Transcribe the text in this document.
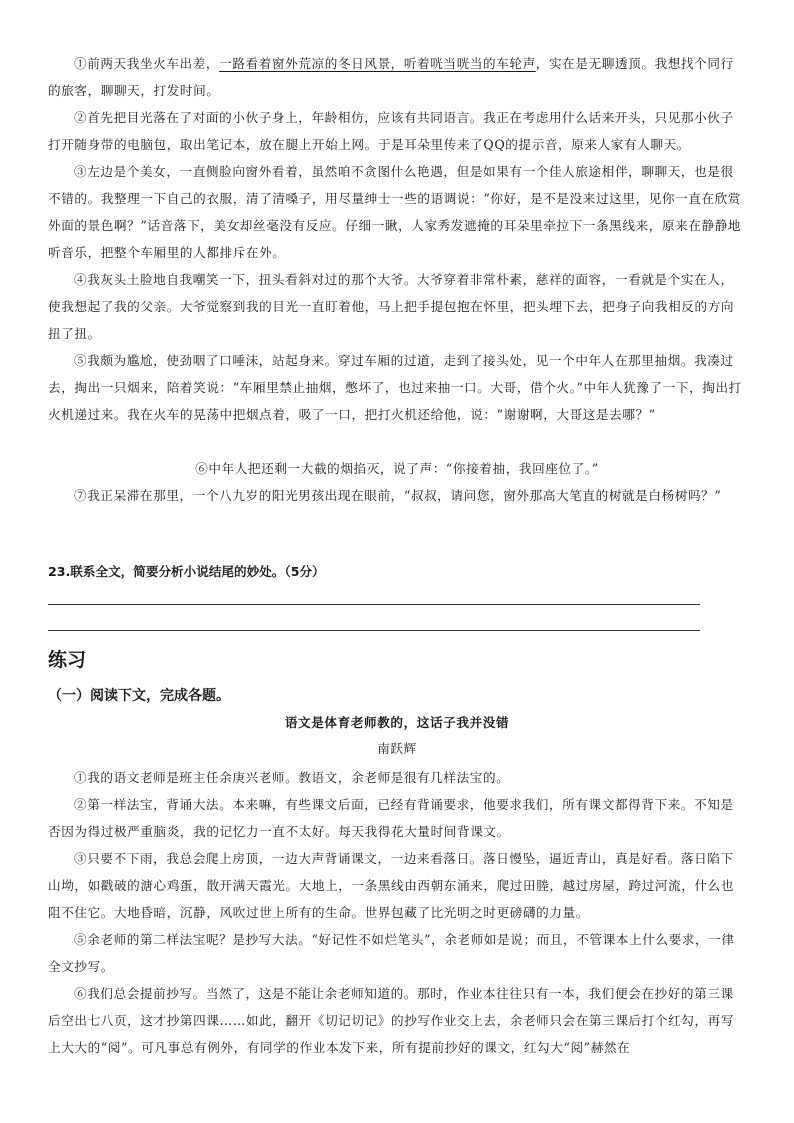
①前两天我坐火车出差，一路看着窗外荒凉的冬日风景，听着咣当咣当的车轮声，实在是无聊透顶。我想找个同行的旅客，聊聊天，打发时间。

②首先把目光落在了对面的小伙子身上，年龄相仿，应该有共同语言。我正在考虑用什么话来开头，只见那小伙子打开随身带的电脑包，取出笔记本，放在腿上开始上网。于是耳朵里传来了QQ的提示音，原来人家有人聊天。

③左边是个美女，一直侧脸向窗外看着，虽然咱不贪图什么艳遇，但是如果有一个佳人旅途相伴，聊聊天，也是很不错的。我整理一下自己的衣服，清了清嗓子，用尽量绅士一些的语调说：“你好，是不是没来过这里，见你一直在欣赏外面的景色啊？”话音落下，美女却丝毫没有反应。仔细一瞅，人家秀发遮掩的耳朵里牵拉下一条黑线来，原来在静静地听音乐，把整个车厢里的人都排斥在外。

④我灰头土脸地自我嘲笑一下，扭头看斜对过的那个大爷。大爷穿着非常朴素，慈祥的面容，一看就是个实在人，使我想起了我的父亲。大爷觉察到我的目光一直盯着他，马上把手提包抱在怀里，把头埋下去，把身子向我相反的方向扭了扭。

⑤我颇为尴尬，使劲咽了口唾沫，站起身来。穿过车厢的过道，走到了接头处，见一个中年人在那里抽烟。我凑过去，掏出一只烟来，陪着笑说：“车厢里禁止抽烟，憋坏了，也过来抽一口。大哥，借个火。”中年人犹豫了一下，掏出打火机递过来。我在火车的晃荡中把烟点着，吸了一口，把打火机还给他，说：“谢谢啊，大哥这是去哪？”

⑥中年人把还剩一大截的烟掐灭，说了声：“你接着抽，我回座位了。”

⑦我正呆滞在那里，一个八九岁的阳光男孩出现在眼前，“叔叔，请问您，窗外那高大笔直的树就是白杨树吗？”

23.联系全文，简要分析小说结尾的妙处。（5分）
练习
（一）阅读下文，完成各题。
语文是体育老师教的，这话子我并没错
南跃辉

①我的语文老师是班主任余庚兴老师。教语文，余老师是很有几样法宝的。

②第一样法宝，背诵大法。本来嘛，有些课文后面，已经有背诵要求，他要求我们，所有课文都得背下来。不知是否因为得过极严重脑炎，我的记忆力一直不太好。每天我得花大量时间背课文。

③只要不下雨，我总会爬上房顶，一边大声背诵课文，一边来看落日。落日慢坠，逼近青山，真是好看。落日陷下山坳，如戳破的溏心鸡蛋，散开满天霞光。大地上，一条黑线由西朝东涌来，爬过田塍，越过房屋，跨过河流，什么也阻不住它。大地昏暗，沉静，风吹过世上所有的生命。世界包藏了比光明之时更磅礴的力量。

⑤余老师的第二样法宝呢？是抄写大法。“好记性不如烂笔头”，余老师如是说；而且，不管课本上什么要求，一律全文抄写。

⑥我们总会提前抄写。当然了，这是不能让余老师知道的。那时，作业本往往只有一本，我们便会在抄好的第三课后空出七八页，这才抄第四课……如此，翻开《切记切记》的抄写作业交上去，余老师只会在第三课后打个红勾，再写上大大的“阅”。可凡事总有例外，有同学的作业本发下来，所有提前抄好的课文，红勾大“阅”赫然在
